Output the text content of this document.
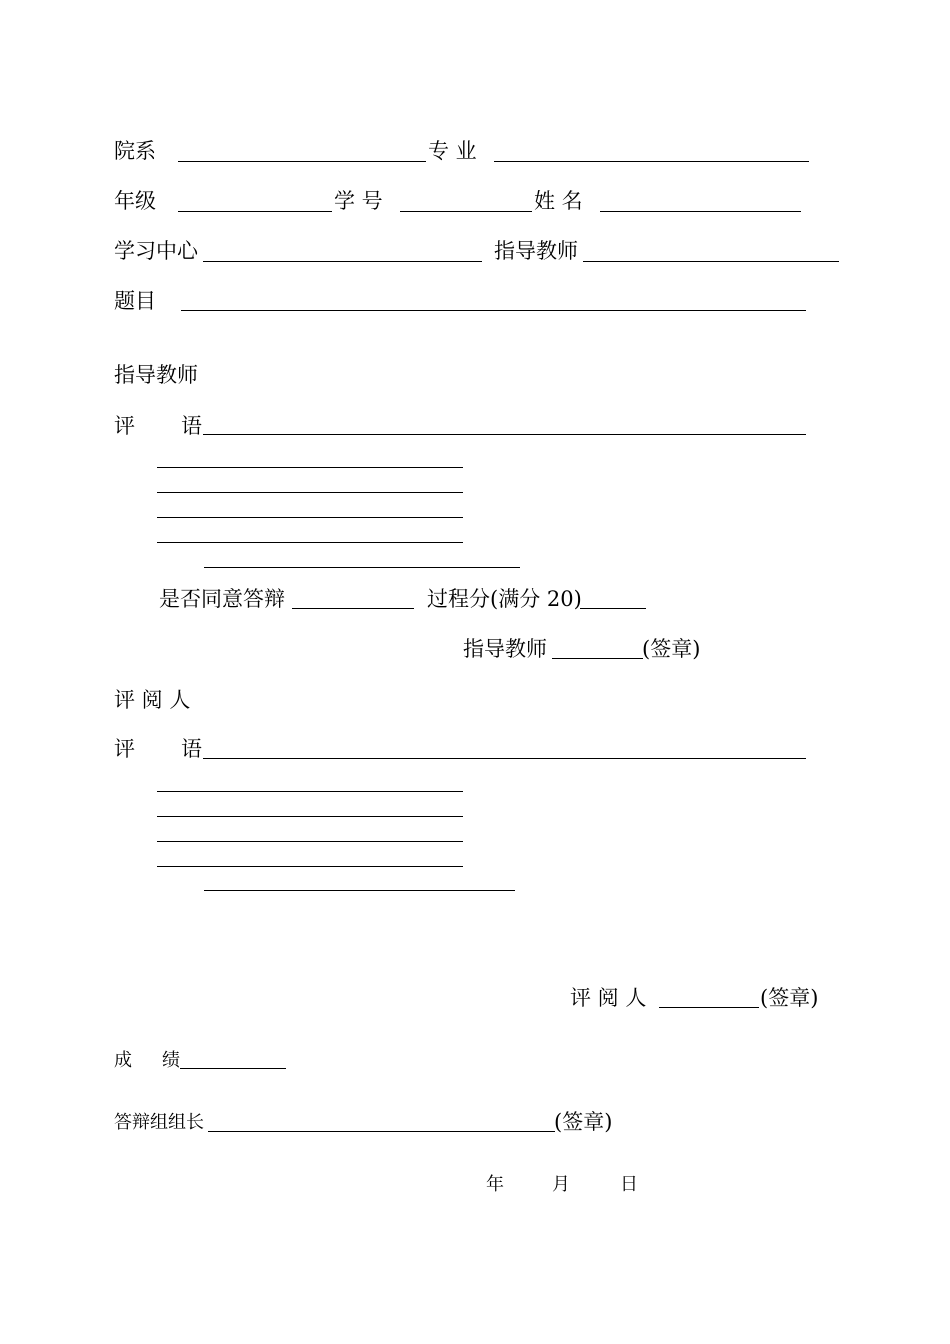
院系	专 业
年级	学 号	姓 名
学习中心	指导教师
题目
指导教师
评 语
是否同意答辩	过程分(满分 20)
指导教师	(签章)
评 阅 人
评 语
评 阅 人	(签章)
成 绩
答辩组组长	(签章)
年	月	日
